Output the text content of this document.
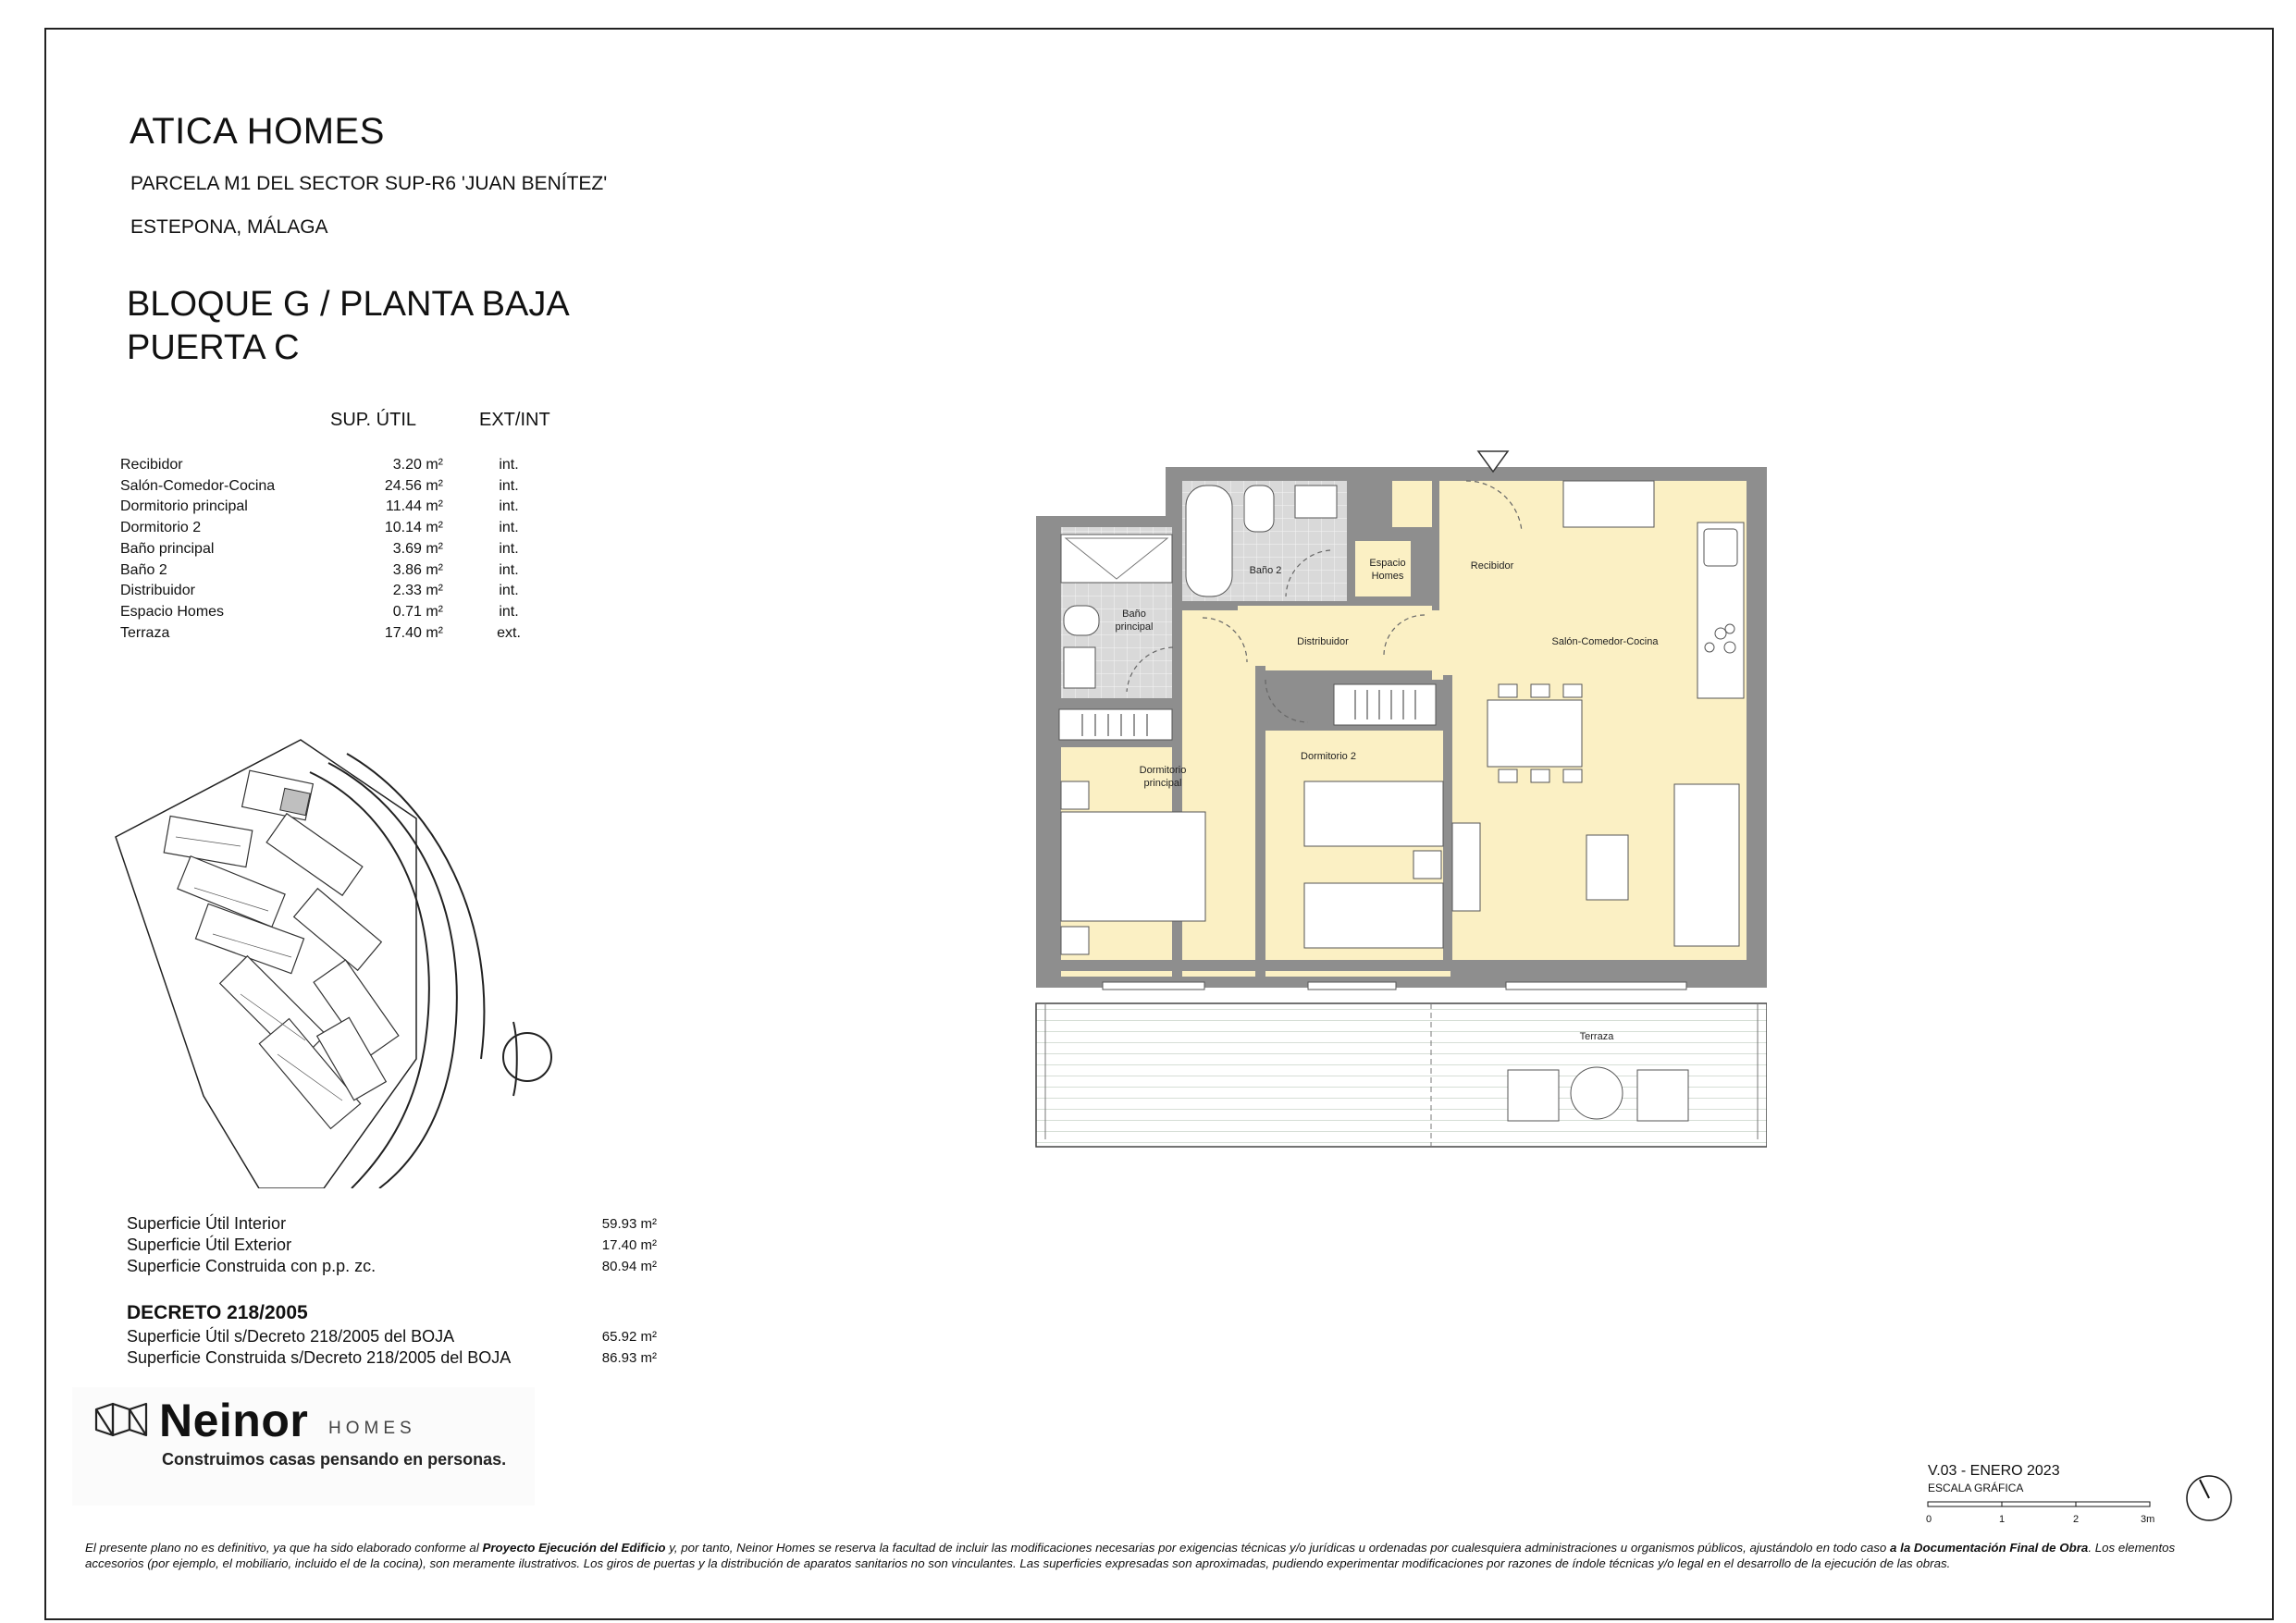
ATICA HOMES
PARCELA M1 DEL SECTOR SUP-R6 'JUAN BENÍTEZ'
ESTEPONA, MÁLAGA
BLOQUE G / PLANTA BAJA
PUERTA C
SUP. ÚTIL	EXT/INT
Recibidor	3.20 m²	int.
Salón-Comedor-Cocina	24.56 m²	int.
Dormitorio principal	11.44 m²	int.
Dormitorio 2	10.14 m²	int.
Baño principal	3.69 m²	int.
Baño 2	3.86 m²	int.
Distribuidor	2.33 m²	int.
Espacio Homes	0.71 m²	int.
Terraza	17.40 m²	ext.
Superficie Útil Interior	59.93 m²
Superficie Útil Exterior	17.40 m²
Superficie Construida con p.p. zc.	80.94 m²
DECRETO 218/2005
Superficie Útil s/Decreto 218/2005 del BOJA	65.92 m²
Superficie Construida s/Decreto 218/2005 del BOJA	86.93 m²
Neinor HOMES
Construimos casas pensando en personas.
Baño 2
Espacio
Homes
Recibidor
Baño
principal
Distribuidor	Salón-Comedor-Cocina
Dormitorio 2
Dormitorio
principal
Terraza
V.03 - ENERO 2023
ESCALA GRÁFICA
0	1	2	3m
El presente plano no es definitivo, ya que ha sido elaborado conforme al Proyecto Ejecución del Edificio y, por tanto, Neinor Homes se reserva la facultad de incluir las modificaciones necesarias por exigencias técnicas y/o jurídicas u ordenadas por cualesquiera administraciones u organismos públicos, ajustándolo en todo caso a la Documentación Final de Obra. Los elementos accesorios (por ejemplo, el mobiliario, incluido el de la cocina), son meramente ilustrativos. Los giros de puertas y la distribución de aparatos sanitarios no son vinculantes. Las superficies expresadas son aproximadas, pudiendo experimentar modificaciones por razones de índole técnicas y/o legal en el desarrollo de la ejecución de las obras.
